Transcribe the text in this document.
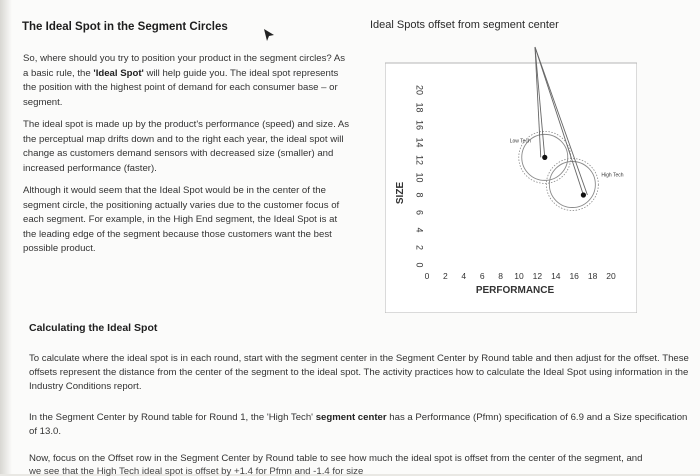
The Ideal Spot in the Segment Circles
So, where should you try to position your product in the segment circles? As a basic rule, the 'Ideal Spot' will help guide you. The ideal spot represents the position with the highest point of demand for each consumer base – or segment.
The ideal spot is made up by the product's performance (speed) and size. As the perceptual map drifts down and to the right each year, the ideal spot will change as customers demand sensors with decreased size (smaller) and increased performance (faster).
Although it would seem that the Ideal Spot would be in the center of the segment circle, the positioning actually varies due to the customer focus of each segment. For example, in the High End segment, the Ideal Spot is at the leading edge of the segment because those customers want the best possible product.
Ideal Spots offset from segment center
SIZE
PERFORMANCE
20
18
16
14
12
10
8
6
4
2
0
0 2 4 6 8 10 12 14 16 18 20
Low Tech
High Tech
Calculating the Ideal Spot
To calculate where the ideal spot is in each round, start with the segment center in the Segment Center by Round table and then adjust for the offset. These offsets represent the distance from the center of the segment to the ideal spot. The activity practices how to calculate the Ideal Spot using information in the Industry Conditions report.
In the Segment Center by Round table for Round 1, the 'High Tech' segment center has a Performance (Pfmn) specification of 6.9 and a Size specification of 13.0.
Now, focus on the Offset row in the Segment Center by Round table to see how much the ideal spot is offset from the center of the segment, and
we see that the High Tech ideal spot is offset by +1.4 for Pfmn and -1.4 for size
